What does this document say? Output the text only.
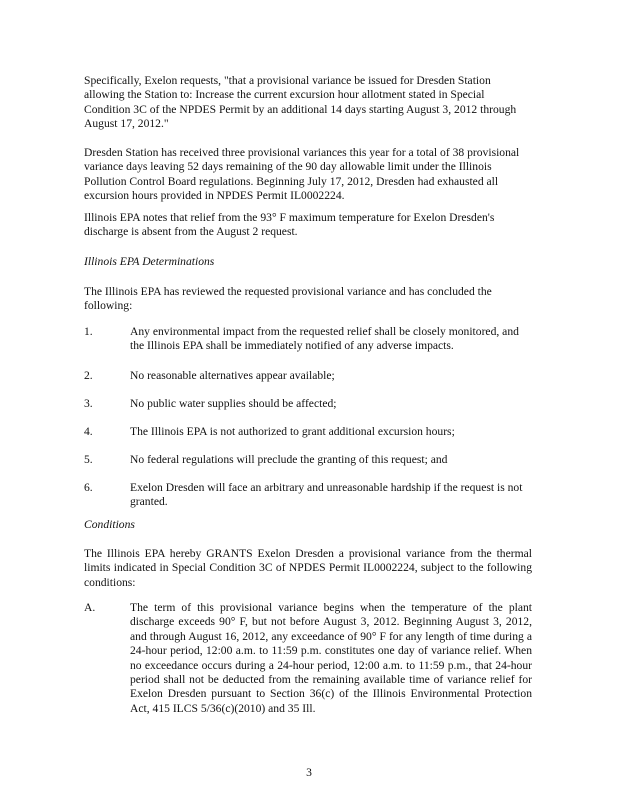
Specifically, Exelon requests, "that a provisional variance be issued for Dresden Station allowing the Station to: Increase the current excursion hour allotment stated in Special Condition 3C of the NPDES Permit by an additional 14 days starting August 3, 2012 through August 17, 2012."

Dresden Station has received three provisional variances this year for a total of 38 provisional variance days leaving 52 days remaining of the 90 day allowable limit under the Illinois Pollution Control Board regulations. Beginning July 17, 2012, Dresden had exhausted all excursion hours provided in NPDES Permit IL0002224.

Illinois EPA notes that relief from the 93° F maximum temperature for Exelon Dresden's discharge is absent from the August 2 request.

Illinois EPA Determinations

The Illinois EPA has reviewed the requested provisional variance and has concluded the following:

1.	Any environmental impact from the requested relief shall be closely monitored, and the Illinois EPA shall be immediately notified of any adverse impacts.
2.	No reasonable alternatives appear available;
3.	No public water supplies should be affected;
4.	The Illinois EPA is not authorized to grant additional excursion hours;
5.	No federal regulations will preclude the granting of this request; and
6.	Exelon Dresden will face an arbitrary and unreasonable hardship if the request is not granted.

Conditions

The Illinois EPA hereby GRANTS Exelon Dresden a provisional variance from the thermal limits indicated in Special Condition 3C of NPDES Permit IL0002224, subject to the following conditions:

A.	The term of this provisional variance begins when the temperature of the plant discharge exceeds 90° F, but not before August 3, 2012. Beginning August 3, 2012, and through August 16, 2012, any exceedance of 90° F for any length of time during a 24-hour period, 12:00 a.m. to 11:59 p.m. constitutes one day of variance relief. When no exceedance occurs during a 24-hour period, 12:00 a.m. to 11:59 p.m., that 24-hour period shall not be deducted from the remaining available time of variance relief for Exelon Dresden pursuant to Section 36(c) of the Illinois Environmental Protection Act, 415 ILCS 5/36(c)(2010) and 35 Ill.
3
